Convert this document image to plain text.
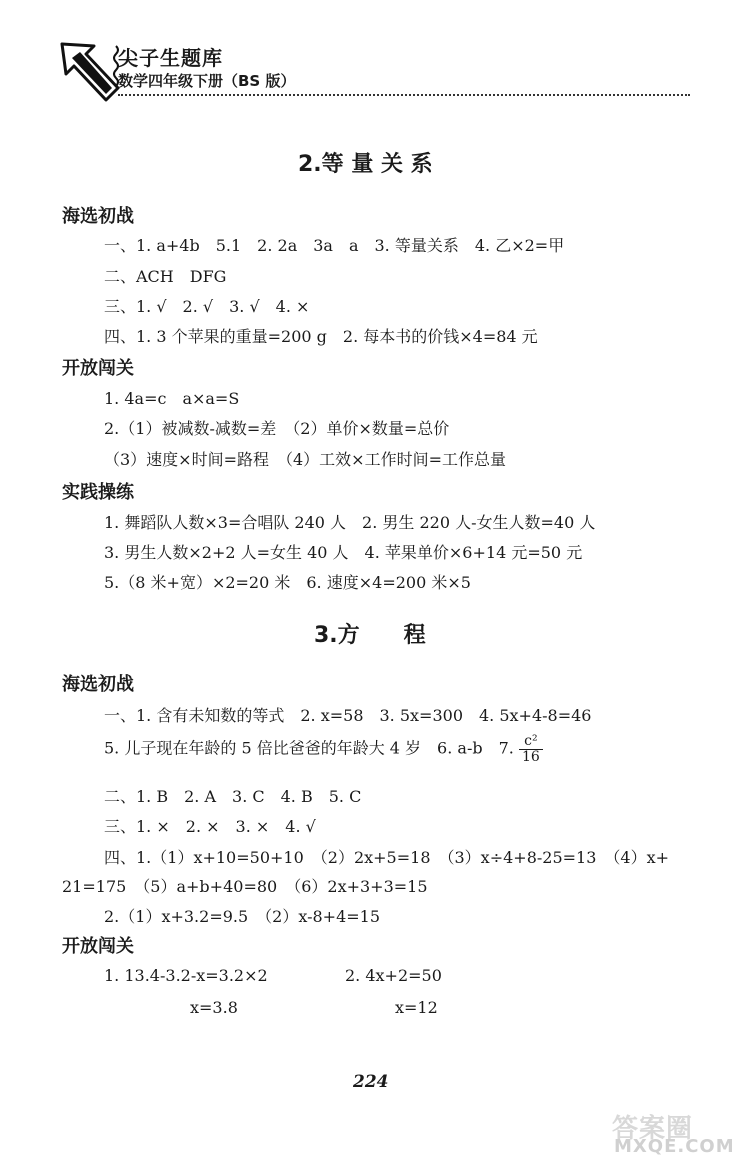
尖子生题库
数学四年级下册（BS 版）
2.等 量 关 系
海选初战
一、1. a+4b　5.1　2. 2a　3a　a　3. 等量关系　4. 乙×2=甲
二、ACH　DFG
三、1. √　2. √　3. √　4. ×
四、1. 3 个苹果的重量=200 g　2. 每本书的价钱×4=84 元
开放闯关
1. 4a=c　a×a=S
2.（1）被减数-减数=差　（2）单价×数量=总价
（3）速度×时间=路程　（4）工效×工作时间=工作总量
实践操练
1. 舞蹈队人数×3=合唱队 240 人　2. 男生 220 人-女生人数=40 人
3. 男生人数×2+2 人=女生 40 人　4. 苹果单价×6+14 元=50 元
5.（8 米+宽）×2=20 米　6. 速度×4=200 米×5
3.方　　程
海选初战
一、1. 含有未知数的等式　2. x=58　3. 5x=300　4. 5x+4-8=46
5. 儿子现在年龄的 5 倍比爸爸的年龄大 4 岁　6. a-b　7. $\frac{\text{c²}}{16}$
二、1. B　2. A　3. C　4. B　5. C
三、1. ×　2. ×　3. ×　4. √
四、1.（1）x+10=50+10　（2）2x+5=18　（3）x÷4+8-25=13　（4）x+
21=175　（5）a+b+40=80　（6）2x+3+3=15
2.（1）x+3.2=9.5　（2）x-8+4=15
开放闯关
1. 13.4-3.2-x=3.2×2	2. 4x+2=50
x=3.8	x=12
224
答案圈
MXQE.COM
